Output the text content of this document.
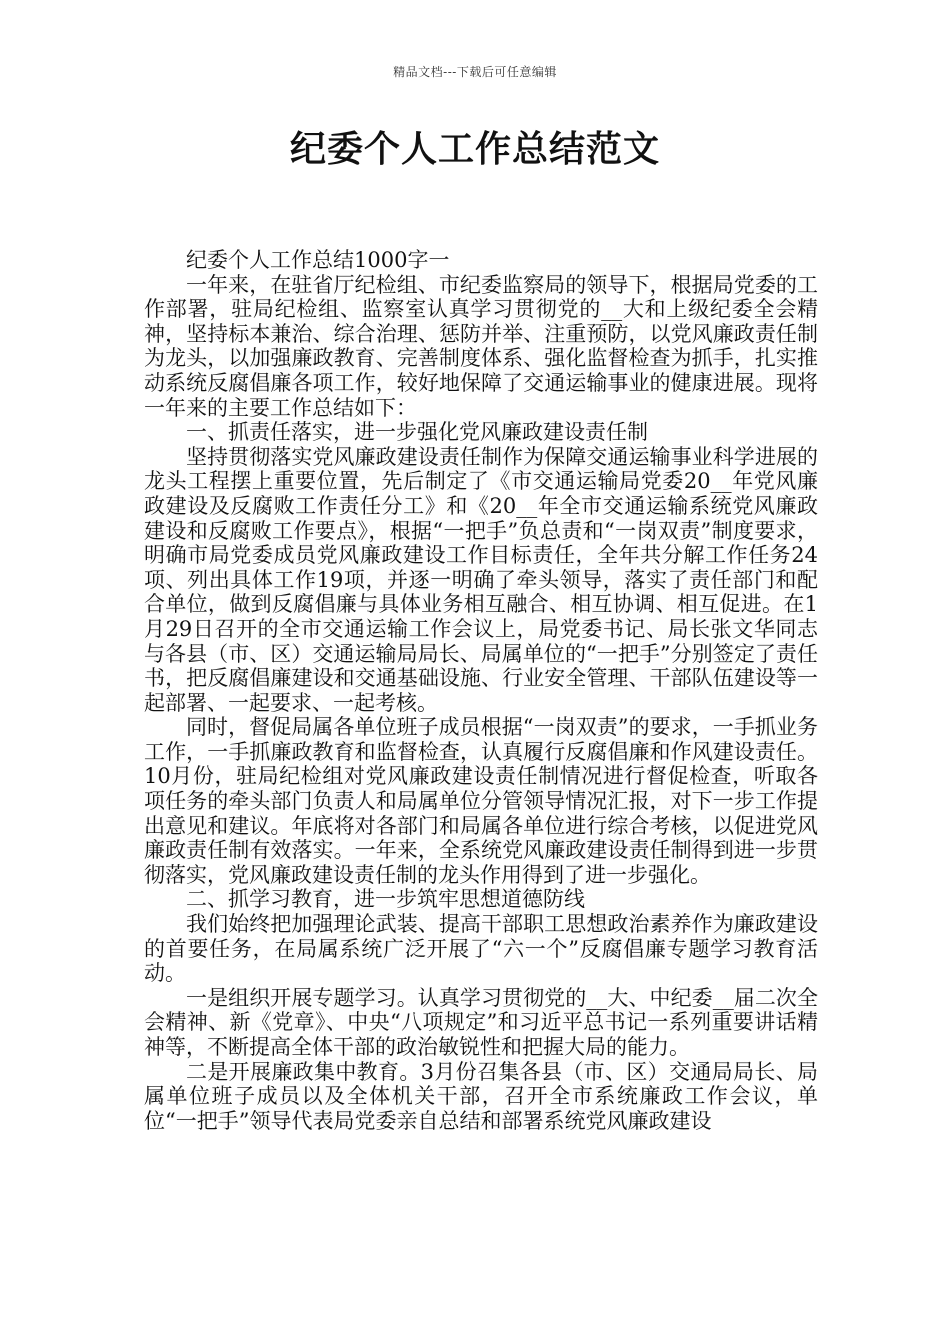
精品文档---下载后可任意编辑
纪委个人工作总结范文

纪委个人工作总结1000字一

一年来，在驻省厅纪检组、市纪委监察局的领导下，根据局党委的工作部署，驻局纪检组、监察室认真学习贯彻党的__大和上级纪委全会精神，坚持标本兼治、综合治理、惩防并举、注重预防，以党风廉政责任制为龙头，以加强廉政教育、完善制度体系、强化监督检查为抓手，扎实推动系统反腐倡廉各项工作，较好地保障了交通运输事业的健康进展。现将一年来的主要工作总结如下：

一、抓责任落实，进一步强化党风廉政建设责任制

坚持贯彻落实党风廉政建设责任制作为保障交通运输事业科学进展的龙头工程摆上重要位置，先后制定了《市交通运输局党委20__年党风廉政建设及反腐败工作责任分工》和《20__年全市交通运输系统党风廉政建设和反腐败工作要点》，根据“一把手”负总责和“一岗双责”制度要求，明确市局党委成员党风廉政建设工作目标责任，全年共分解工作任务24项、列出具体工作19项，并逐一明确了牵头领导，落实了责任部门和配合单位，做到反腐倡廉与具体业务相互融合、相互协调、相互促进。在1月29日召开的全市交通运输工作会议上，局党委书记、局长张文华同志与各县（市、区）交通运输局局长、局属单位的“一把手”分别签定了责任书，把反腐倡廉建设和交通基础设施、行业安全管理、干部队伍建设等一起部署、一起要求、一起考核。

同时，督促局属各单位班子成员根据“一岗双责”的要求，一手抓业务工作，一手抓廉政教育和监督检查，认真履行反腐倡廉和作风建设责任。10月份，驻局纪检组对党风廉政建设责任制情况进行督促检查，听取各项任务的牵头部门负责人和局属单位分管领导情况汇报，对下一步工作提出意见和建议。年底将对各部门和局属各单位进行综合考核，以促进党风廉政责任制有效落实。一年来，全系统党风廉政建设责任制得到进一步贯彻落实，党风廉政建设责任制的龙头作用得到了进一步强化。

二、抓学习教育，进一步筑牢思想道德防线

我们始终把加强理论武装、提高干部职工思想政治素养作为廉政建设的首要任务，在局属系统广泛开展了“六一个”反腐倡廉专题学习教育活动。

一是组织开展专题学习。认真学习贯彻党的__大、中纪委__届二次全会精神、新《党章》、中央“八项规定”和习近平总书记一系列重要讲话精神等，不断提高全体干部的政治敏锐性和把握大局的能力。

二是开展廉政集中教育。3月份召集各县（市、区）交通局局长、局属单位班子成员以及全体机关干部，召开全市系统廉政工作会议，单位“一把手”领导代表局党委亲自总结和部署系统党风廉政建设
